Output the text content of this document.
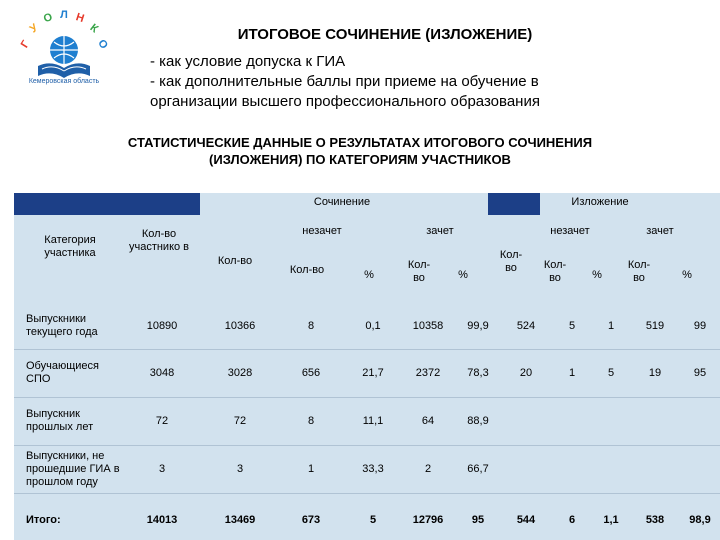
Г
У
О Л Н
К
О
Кемеровская область
ИТОГОВОЕ СОЧИНЕНИЕ (ИЗЛОЖЕНИЕ)
- как условие допуска к ГИА
- как дополнительные баллы при приеме на обучение в
организации высшего профессионального образования
СТАТИСТИЧЕСКИЕ ДАННЫЕ О РЕЗУЛЬТАТАХ ИТОГОВОГО СОЧИНЕНИЯ
(ИЗЛОЖЕНИЯ) ПО КАТЕГОРИЯМ УЧАСТНИКОВ
Сочинение	Изложение
незачет	зачет	незачет	зачет
Категория участника
Кол-во участнико в
Кол-во
Кол-во	%
Кол- во	%
Кол- во	Кол- во	%
Кол- во	%
Выпускники текущего года	10890	10366	8	0,1	10358	99,9	524	5	1	519	99
Обучающиеся СПО	3048	3028	656	21,7	2372	78,3	20	1	5	19	95
Выпускник прошлых лет	72	72	8	11,1	64	88,9					
Выпускники, не прошедшие ГИА в прошлом году	3	3	1	33,3	2	66,7					
Итого:	14013	13469	673	5	12796	95	544	6	1,1	538	98,9
